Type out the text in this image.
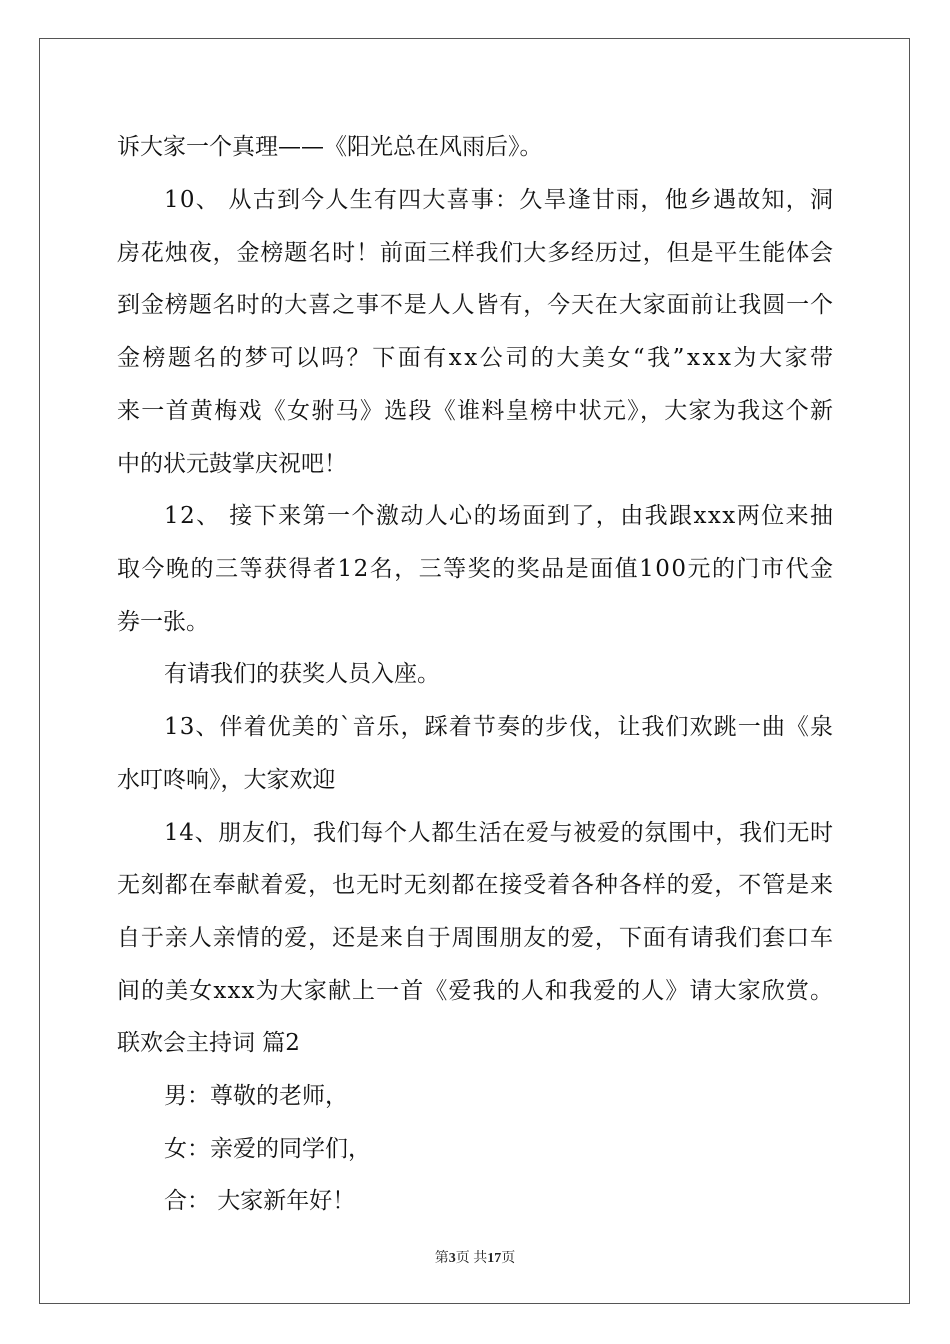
诉大家一个真理——《阳光总在风雨后》。

10、 从古到今人生有四大喜事：久旱逢甘雨，他乡遇故知，洞

房花烛夜，金榜题名时！前面三样我们大多经历过，但是平生能体会

到金榜题名时的大喜之事不是人人皆有，今天在大家面前让我圆一个

金榜题名的梦可以吗？下面有xx公司的大美女“我”xxx为大家带

来一首黄梅戏《女驸马》选段《谁料皇榜中状元》，大家为我这个新

中的状元鼓掌庆祝吧！

12、 接下来第一个激动人心的场面到了，由我跟xxx两位来抽

取今晚的三等获得者12名，三等奖的奖品是面值100元的门市代金

券一张。

有请我们的获奖人员入座。

13、伴着优美的`音乐，踩着节奏的步伐，让我们欢跳一曲《泉

水叮咚响》，大家欢迎

14、朋友们，我们每个人都生活在爱与被爱的氛围中，我们无时

无刻都在奉献着爱，也无时无刻都在接受着各种各样的爱，不管是来

自于亲人亲情的爱，还是来自于周围朋友的爱，下面有请我们套口车

间的美女xxx为大家献上一首《爱我的人和我爱的人》请大家欣赏。

联欢会主持词 篇2

男：尊敬的老师，

女：亲爱的同学们，

合： 大家新年好！

第3页 共17页
